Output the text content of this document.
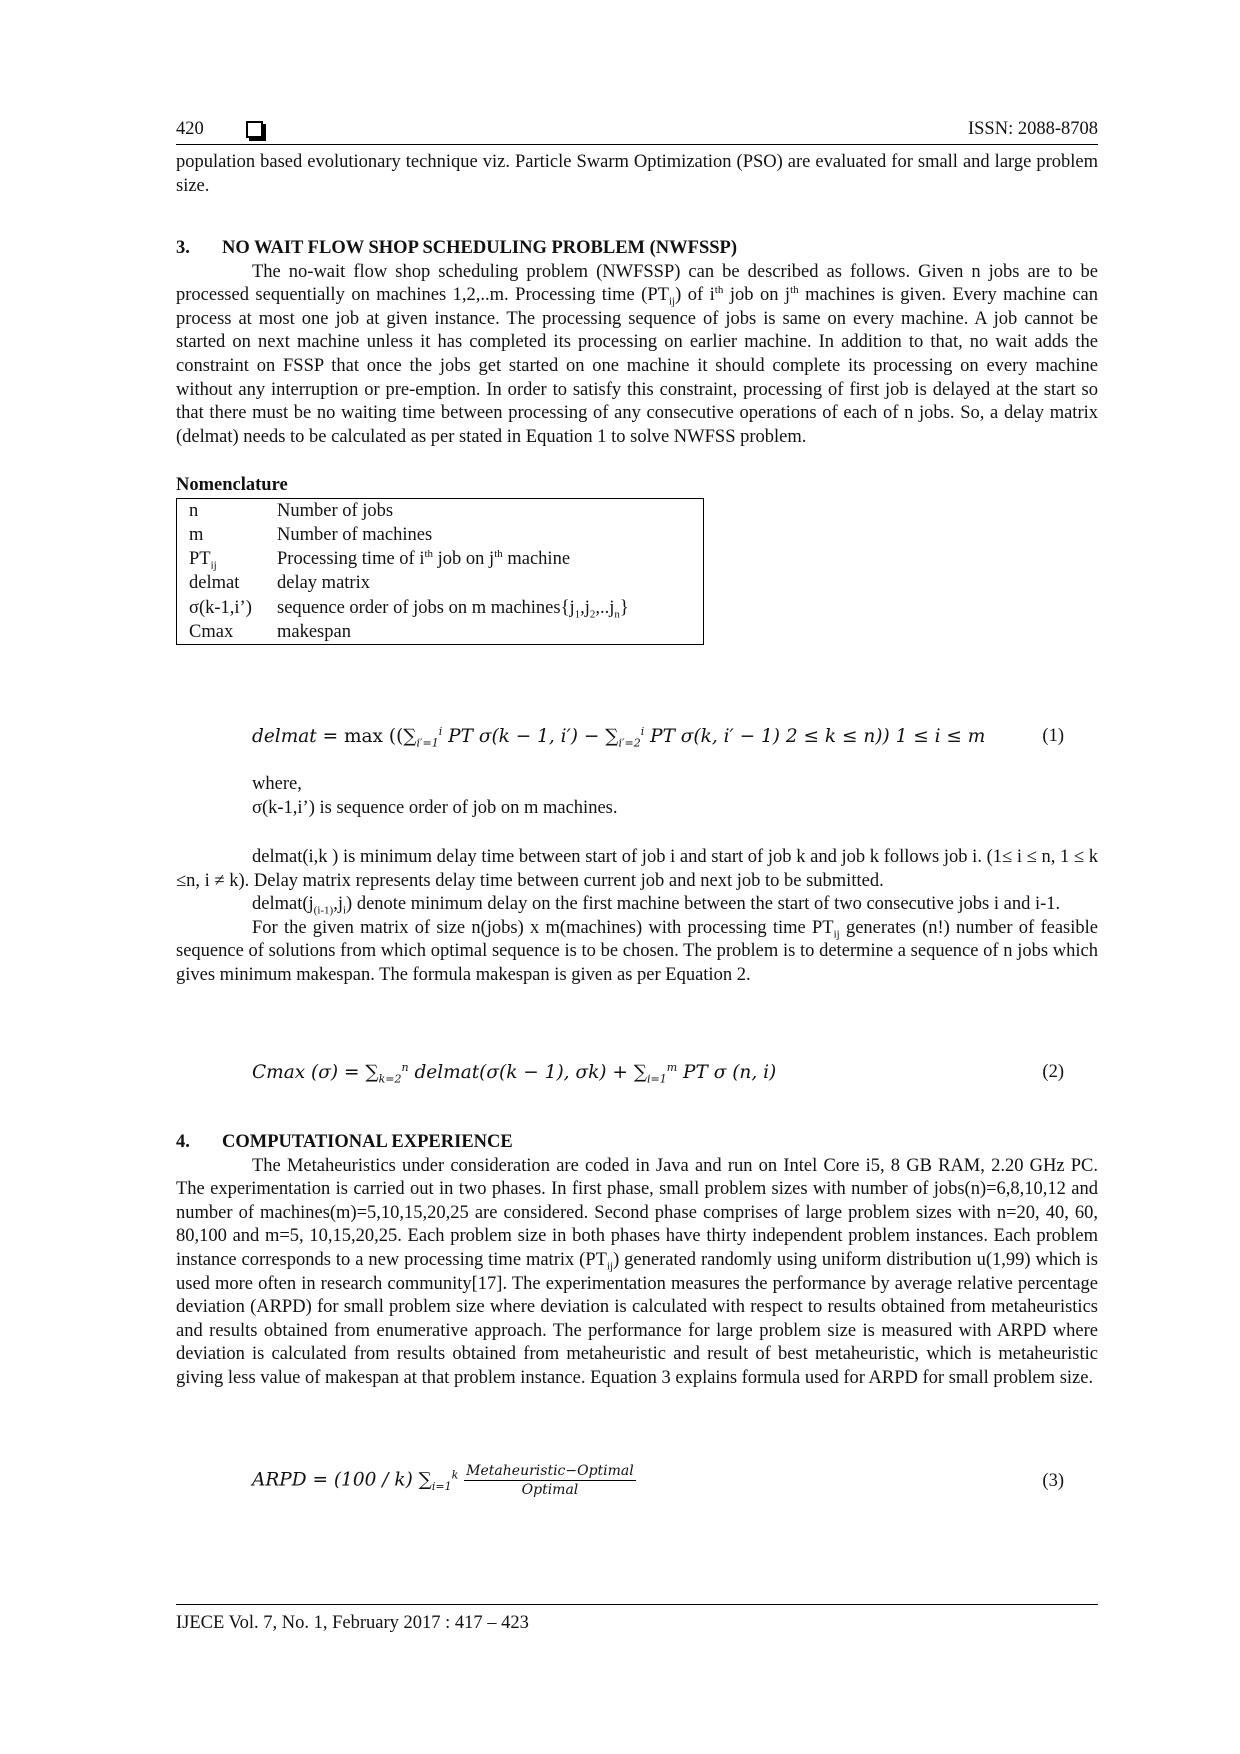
420	ISSN: 2088-8708

population based evolutionary technique viz. Particle Swarm Optimization (PSO) are evaluated for small and large problem size.

3. NO WAIT FLOW SHOP SCHEDULING PROBLEM (NWFSSP)

The no-wait flow shop scheduling problem (NWFSSP) can be described as follows. Given n jobs are to be processed sequentially on machines 1,2,..m. Processing time $(PT_{ij})$ of $i^{th}$ job on $j^{th}$ machines is given. Every machine can process at most one job at given instance. The processing sequence of jobs is same on every machine. A job cannot be started on next machine unless it has completed its processing on earlier machine. In addition to that, no wait adds the constraint on FSSP that once the jobs get started on one machine it should complete its processing on every machine without any interruption or pre-emption. In order to satisfy this constraint, processing of first job is delayed at the start so that there must be no waiting time between processing of any consecutive operations of each of n jobs. So, a delay matrix (delmat) needs to be calculated as per stated in Equation 1 to solve NWFSS problem.

Nomenclature
n	Number of jobs
m	Number of machines
$PT_{ij}$	Processing time of $i^{th}$ job on $j^{th}$ machine
delmat	delay matrix
σ(k-1,i’)	sequence order of jobs on m $machines\{j_1,j_2,..j_n\}$
Cmax	makespan
delmat = $\max ((\sum_{i'=1}^i$ PT σ(k − 1, $i') - \sum_{i'=2}^i$ PT σ(k, i′ − 1) 2 ≤ k ≤ n)) 1 ≤ i ≤ m	(1)
where,
σ(k-1,i’) is sequence order of job on m machines.

delmat(i,k ) is minimum delay time between start of job i and start of job k and job k follows job i. (1≤ i ≤ n, 1 ≤ k ≤n, i ≠ k). Delay matrix represents delay time between current job and next job to be submitted.

$delmat(j_{(i-1)},j_i)$ denote minimum delay on the first machine between the start of two consecutive jobs i and i-1.

For the given matrix of size n(jobs) x m(machines) with processing time $PT_{ij}$ generates (n!) number of feasible sequence of solutions from which optimal sequence is to be chosen. The problem is to determine a sequence of n jobs which gives minimum makespan. The formula makespan is given as per Equation 2.

Cmax $(\sigma) = \sum_{k=2}^n$ delmat(σ(k − 1), $\sigma k) + \sum_{i=1}^m$ PT σ (n, i)	(2)
4. COMPUTATIONAL EXPERIENCE

The Metaheuristics under consideration are coded in Java and run on Intel Core i5, 8 GB RAM, 2.20 GHz PC. The experimentation is carried out in two phases. In first phase, small problem sizes with number of jobs(n)=6,8,10,12 and number of machines(m)=5,10,15,20,25 are considered. Second phase comprises of large problem sizes with n=20, 40, 60, 80,100 and m=5, 10,15,20,25. Each problem size in both phases have thirty independent problem instances. Each problem instance corresponds to a new processing time matrix $(PT_{ij})$ generated randomly using uniform distribution u(1,99) which is used more often in research community[17]. The experimentation measures the performance by average relative percentage deviation (ARPD) for small problem size where deviation is calculated with respect to results obtained from metaheuristics and results obtained from enumerative approach. The performance for large problem size is measured with ARPD where deviation is calculated from results obtained from metaheuristic and result of best metaheuristic, which is metaheuristic giving less value of makespan at that problem instance. Equation 3 explains formula used for ARPD for small problem size.

ARPD = (100 / k) $\sum_{i=1}^k \frac{\text{Metaheuristic−Optimal}}{\text{Optimal}}$	(3)
IJECE Vol. 7, No. 1, February 2017 : 417 – 423
